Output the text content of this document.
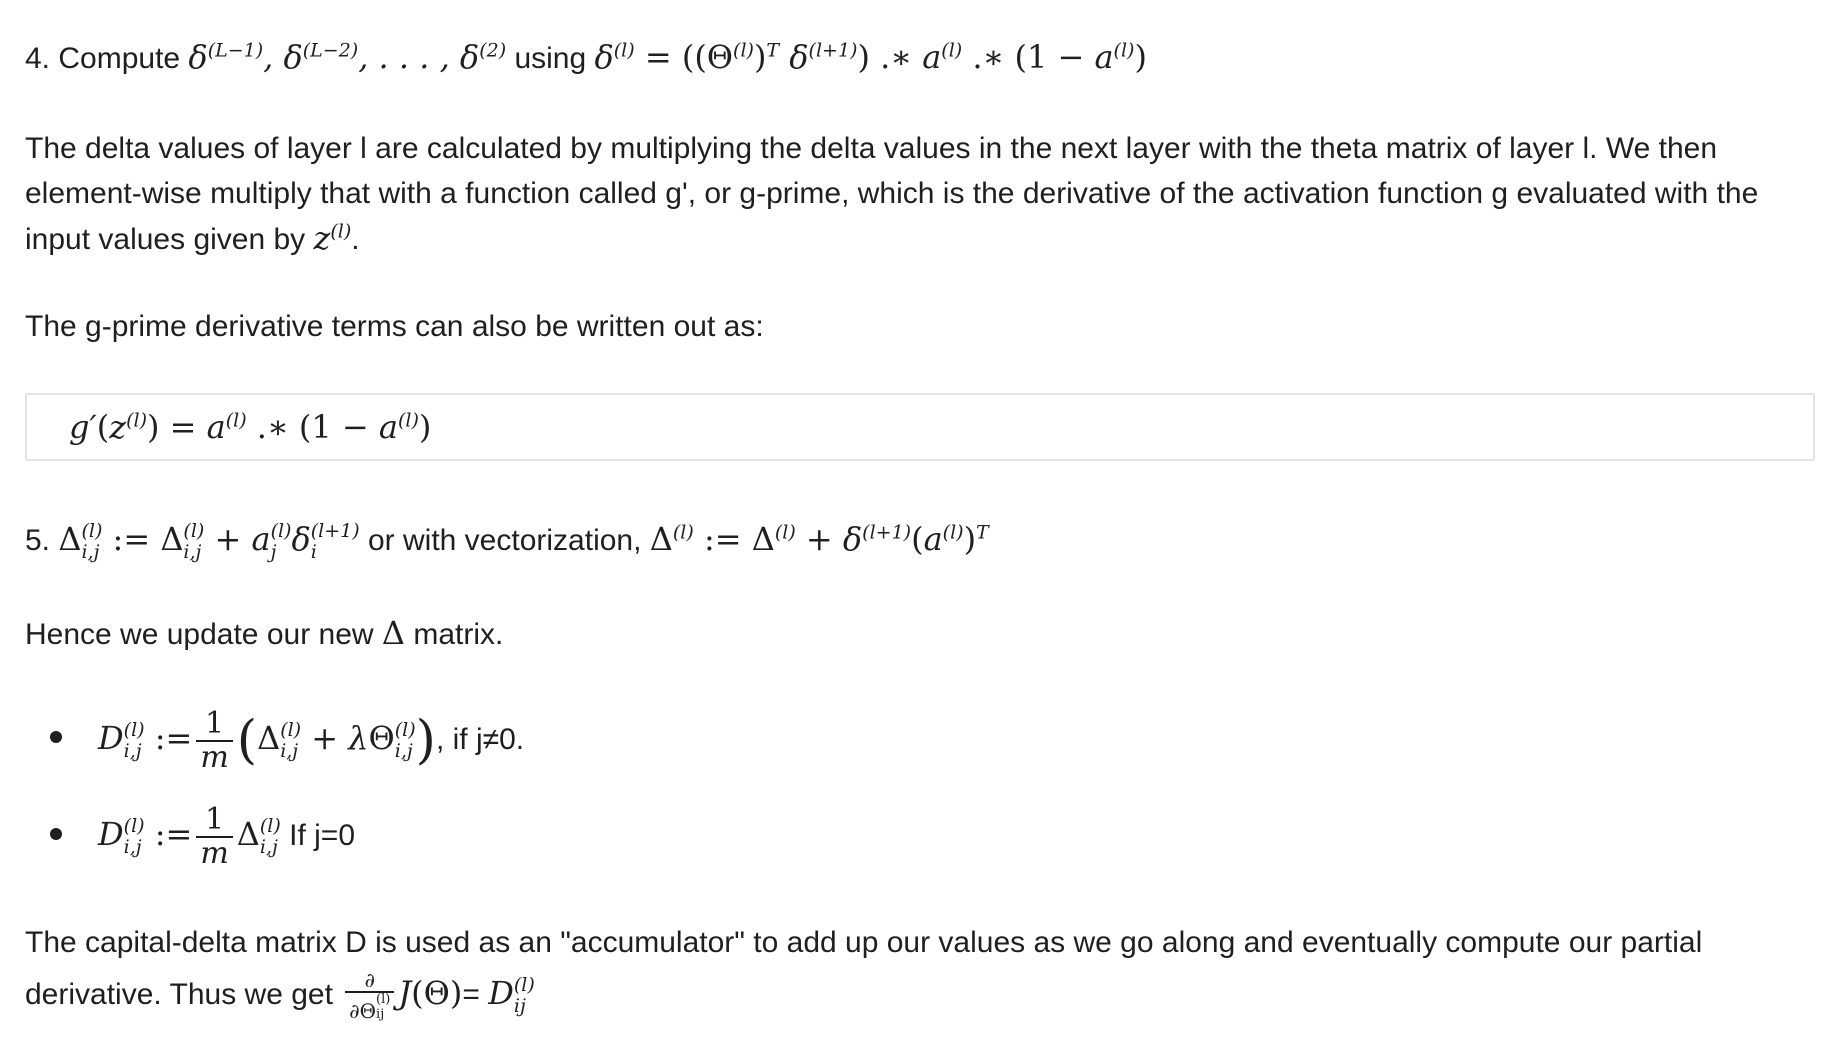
4. Compute $\delta^{(L-1)}$, $\delta^{(L-2)}$, . . . , $\delta^{(2)}$ using $\delta^{(l)} = ((\Theta^{(l)})^T$ $\delta^{(l+1)}$) .∗ $a^{(l)}$ .∗ $(1 - a^{(l)})$
The delta values of layer l are calculated by multiplying the delta values in the next layer with the theta matrix of layer l. We then element-wise multiply that with a function called g', or g-prime, which is the derivative of the activation function g evaluated with the input values given by $z^{(l)}$.
The g-prime derivative terms can also be written out as:
$g'(z^{(l)}) = a^{(l)}$ .∗ $(1 - a^{(l)})$
5. Δ (l)
i,j := Δ (l)
i,j + a (l)
j δ (l+1)
i	or with vectorization, $\Delta^{(l)}$ := $\Delta^{(l)} + \delta^{(l+1)}(a^{(l)})^T$
Hence we update our new Δ matrix.
D (l)
i,j := $\frac{1}{m} (\Delta$ (l)
i,j + λΘ (l)
i,j ), if j≠0.
D (l)
i,j := $\frac{1}{m}$ Δ (l)
i,j If j=0
The capital-delta matrix D is used as an "accumulator" to add up our values as we go along and eventually compute our partial derivative. Thus we get ∂
∂Θ (l)
ij J(Θ)= D (l)
ij
